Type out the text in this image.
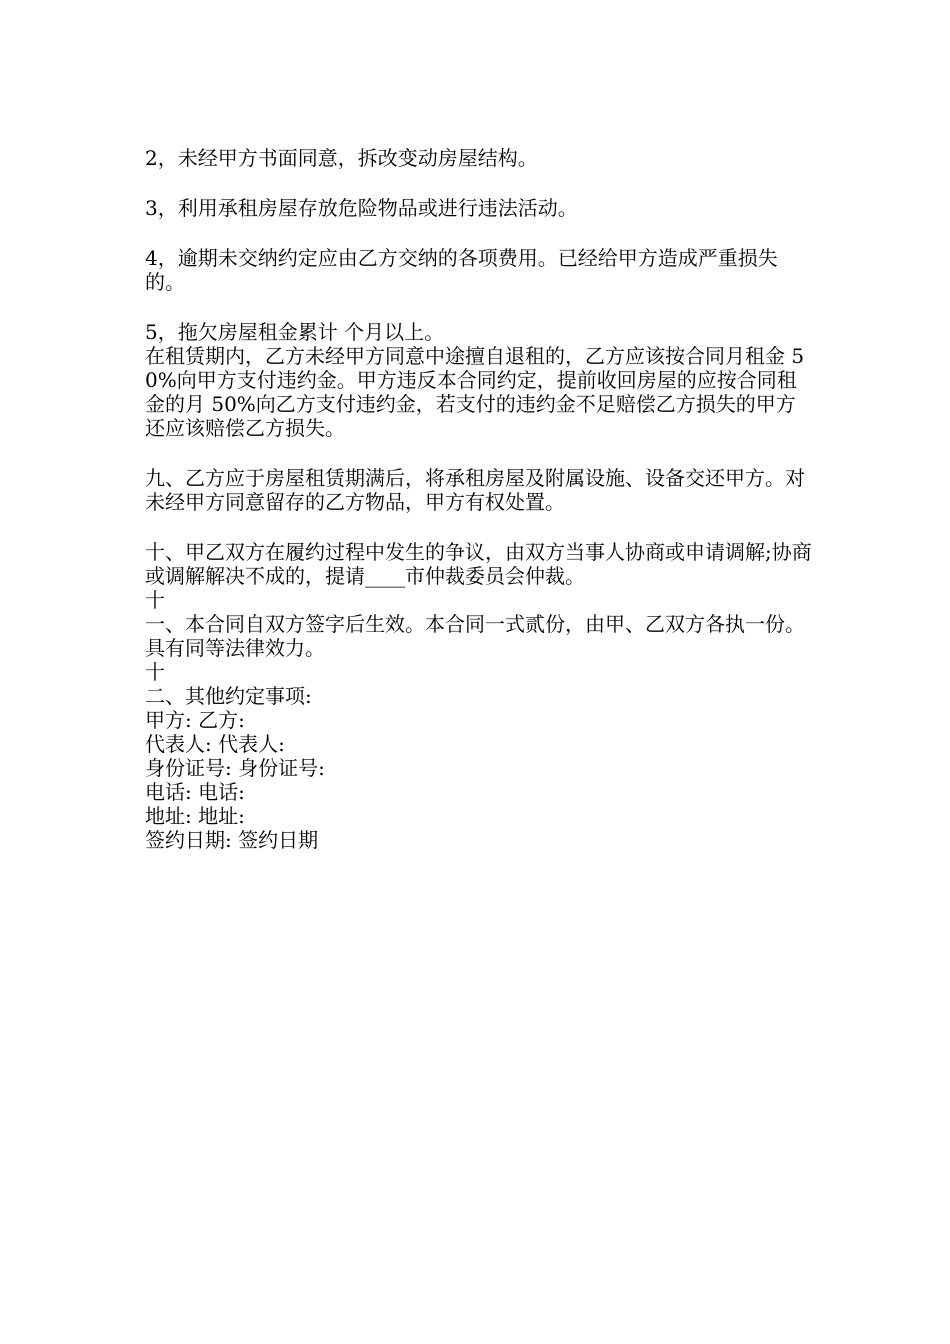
2，未经甲方书面同意，拆改变动房屋结构。

3，利用承租房屋存放危险物品或进行违法活动。

4，逾期未交纳约定应由乙方交纳的各项费用。已经给甲方造成严重损失的。

5，拖欠房屋租金累计 个月以上。

在租赁期内，乙方未经甲方同意中途擅自退租的，乙方应该按合同月租金 50%向甲方支付违约金。甲方违反本合同约定，提前收回房屋的应按合同租金的月 50%向乙方支付违约金，若支付的违约金不足赔偿乙方损失的甲方还应该赔偿乙方损失。

九、乙方应于房屋租赁期满后，将承租房屋及附属设施、设备交还甲方。对未经甲方同意留存的乙方物品，甲方有权处置。

十、甲乙双方在履约过程中发生的争议，由双方当事人协商或申请调解;协商或调解解决不成的，提请____市仲裁委员会仲裁。

十

一、本合同自双方签字后生效。本合同一式贰份，由甲、乙双方各执一份。具有同等法律效力。

十

二、其他约定事项:

甲方: 乙方:

代表人: 代表人:

身份证号: 身份证号:

电话: 电话:

地址: 地址:

签约日期: 签约日期
